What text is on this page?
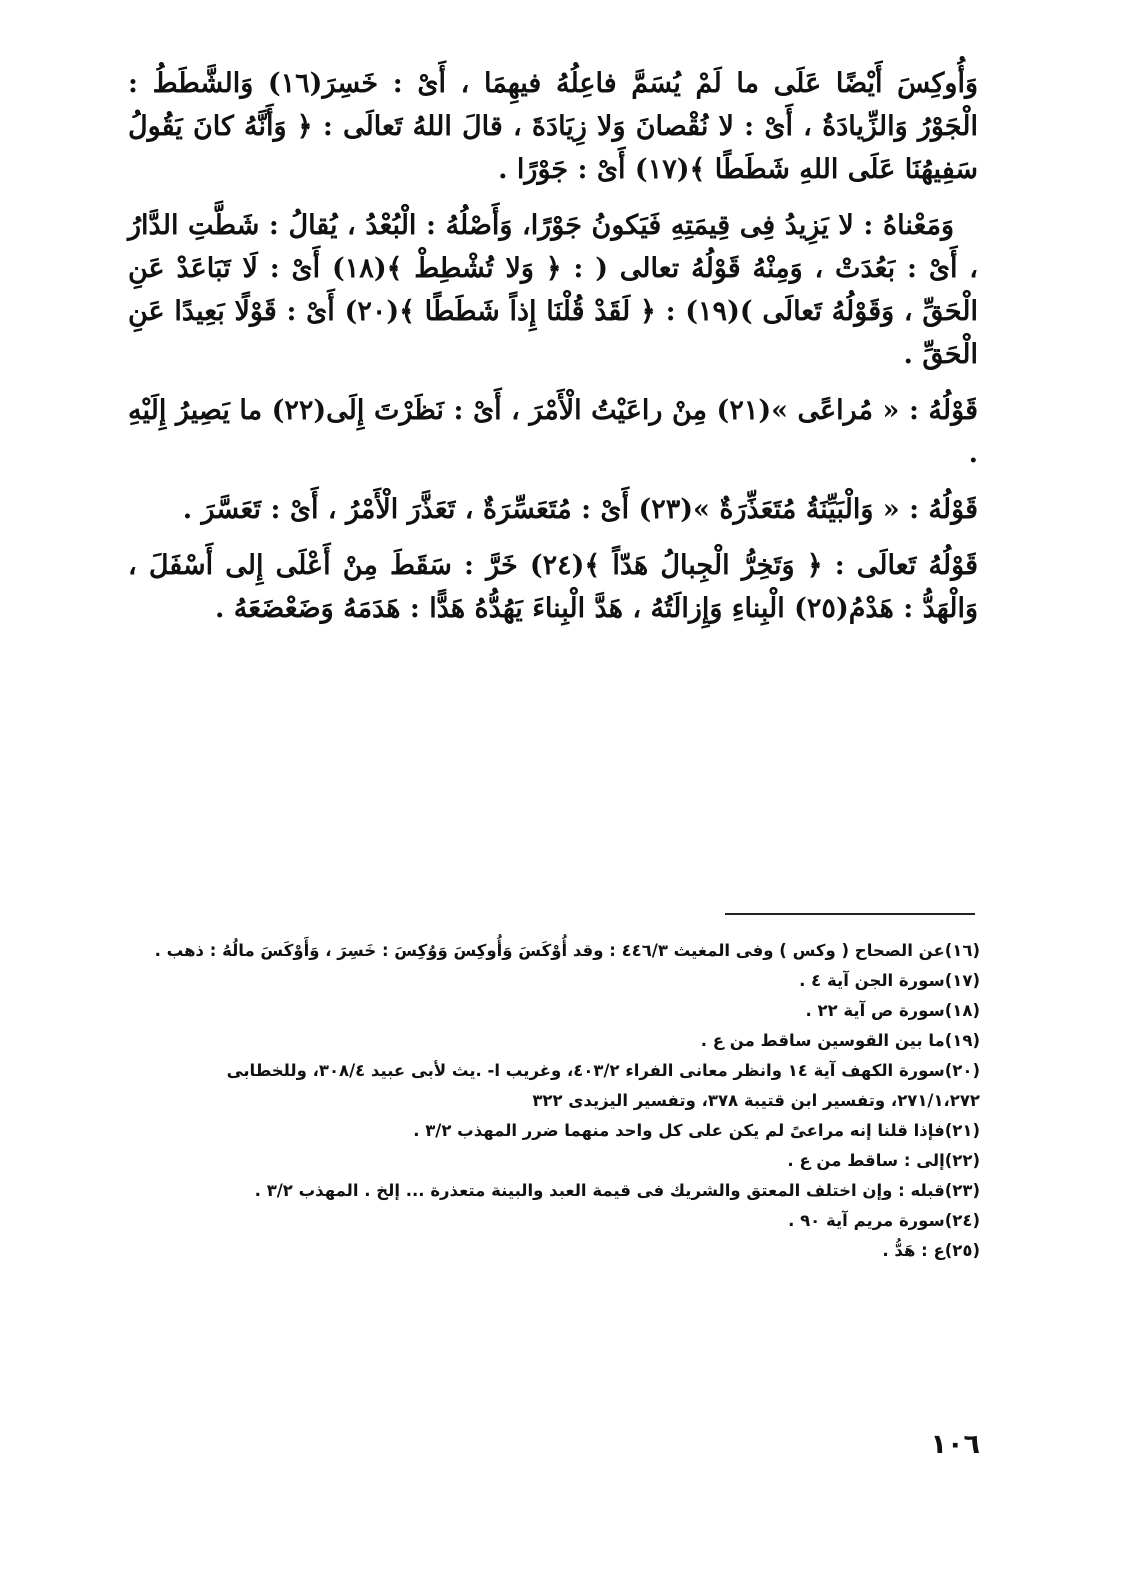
وَأُوكِسَ أَيْضًا عَلَى ما لَمْ يُسَمَّ فاعِلُهُ فيهِمَا ، أَىْ : خَسِرَ(١٦) وَالشَّطَطُ : الْجَوْرُ وَالزِّيادَةُ ، أَىْ : لا نُقْصانَ وَلا زِيَادَةَ ، قالَ اللهُ تَعالَى : ﴿ وَأَنَّهُ كانَ يَقُولُ سَفِيهُنَا عَلَى اللهِ شَطَطًا ﴾(١٧) أَىْ : جَوْرًا .

وَمَعْناهُ : لا يَزِيدُ فِى قِيمَتِهِ فَيَكونُ جَوْرًا، وَأَصْلُهُ : الْبُعْدُ ، يُقالُ : شَطَّتِ الدَّارُ ، أَىْ : بَعُدَتْ ، وَمِنْهُ قَوْلُهُ تعالى ( : ﴿ وَلا تُشْطِطْ ﴾(١٨) أَىْ : لَا تَبَاعَدْ عَنِ الْحَقِّ ، وَقَوْلُهُ تَعالَى )(١٩) : ﴿ لَقَدْ قُلْنَا إِذاً شَطَطًا ﴾(٢٠) أَىْ : قَوْلًا بَعِيدًا عَنِ الْحَقِّ .

قَوْلُهُ : « مُراعًى »(٢١) مِنْ راعَيْتُ الْأَمْرَ ، أَىْ : نَظَرْتَ إِلَى(٢٢) ما يَصِيرُ إِلَيْهِ .

قَوْلُهُ : « وَالْبَيِّنَةُ مُتَعَذِّرَةٌ »(٢٣) أَىْ : مُتَعَسِّرَةٌ ، تَعَذَّرَ الْأَمْرُ ، أَىْ : تَعَسَّرَ .

قَوْلُهُ تَعالَى : ﴿ وَتَخِرُّ الْجِبالُ هَدّاً ﴾(٢٤) خَرَّ : سَقَطَ مِنْ أَعْلَى إِلى أَسْفَلَ ، وَالْهَدُّ : هَدْمُ(٢٥) الْبِناءِ وَإِزالَتُهُ ، هَدَّ الْبِناءَ يَهُدُّهُ هَدًّا : هَدَمَهُ وَضَعْضَعَهُ .

(١٦)عن الصحاح ( وكس ) وفى المغيث ٤٤٦/٣ : وقد أُوْكَسَ وَأُوكِسَ وَوُكِسَ : خَسِرَ ، وَأَوْكَسَ مالُهُ : ذهب .

(١٧)سورة الجن آية ٤ .

(١٨)سورة ص آية ٢٢ .

(١٩)ما بين القوسين ساقط من ع .

(٢٠)سورة الكهف آية ١٤ وانظر معانى الفراء ٤٠٣/٢، وغريب ا- .يث لأبى عبيد ٣٠٨/٤، وللخطابى ٢٧١/١،٢٧٢، وتفسير ابن قتيبة ٣٧٨، وتفسير اليزيدى ٣٢٢

(٢١)فإذا قلنا إنه مراعىً لم يكن على كل واحد منهما ضرر المهذب ٣/٢ .

(٢٢)إلى : ساقط من ع .

(٢٣)قبله : وإن اختلف المعتق والشريك فى قيمة العبد والبينة متعذرة ... إلخ . المهذب ٣/٢ .

(٢٤)سورة مريم آية ٩٠ .

(٢٥)ع : هَدُّ .

١٠٦
